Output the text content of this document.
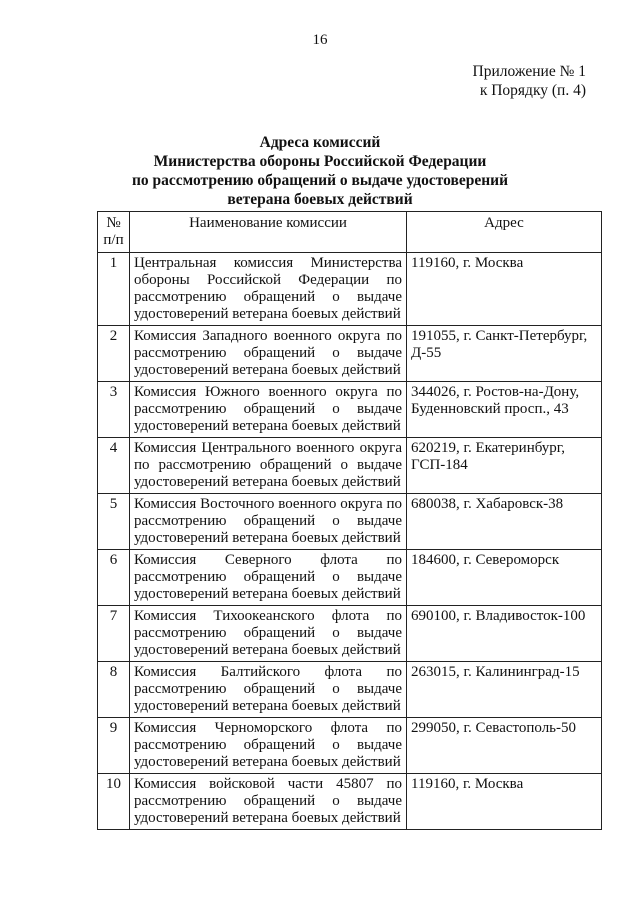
16
Приложение № 1
к Порядку (п. 4)
Адреса комиссий
Министерства обороны Российской Федерации
по рассмотрению обращений о выдаче удостоверений
ветерана боевых действий
№
п/п	Наименование комиссии	Адрес
1	Центральная комиссия Министерства обороны Российской Федерации по рассмотрению обращений о выдаче удостоверений ветерана боевых действий	119160, г. Москва
2	Комиссия Западного военного округа по рассмотрению обращений о выдаче удостоверений ветерана боевых действий	191055, г. Санкт-Петербург, Д-55
3	Комиссия Южного военного округа по рассмотрению обращений о выдаче удостоверений ветерана боевых действий	344026, г. Ростов-на-Дону, Буденновский просп., 43
4	Комиссия Центрального военного округа по рассмотрению обращений о выдаче удостоверений ветерана боевых действий	620219, г. Екатеринбург, ГСП-184
5	Комиссия Восточного военного округа по рассмотрению обращений о выдаче удостоверений ветерана боевых действий	680038, г. Хабаровск-38
6	Комиссия Северного флота по рассмотрению обращений о выдаче удостоверений ветерана боевых действий	184600, г. Североморск
7	Комиссия Тихоокеанского флота по рассмотрению обращений о выдаче удостоверений ветерана боевых действий	690100, г. Владивосток-100
8	Комиссия Балтийского флота по рассмотрению обращений о выдаче удостоверений ветерана боевых действий	263015, г. Калининград-15
9	Комиссия Черноморского флота по рассмотрению обращений о выдаче удостоверений ветерана боевых действий	299050, г. Севастополь-50
10	Комиссия войсковой части 45807 по рассмотрению обращений о выдаче удостоверений ветерана боевых действий	119160, г. Москва
